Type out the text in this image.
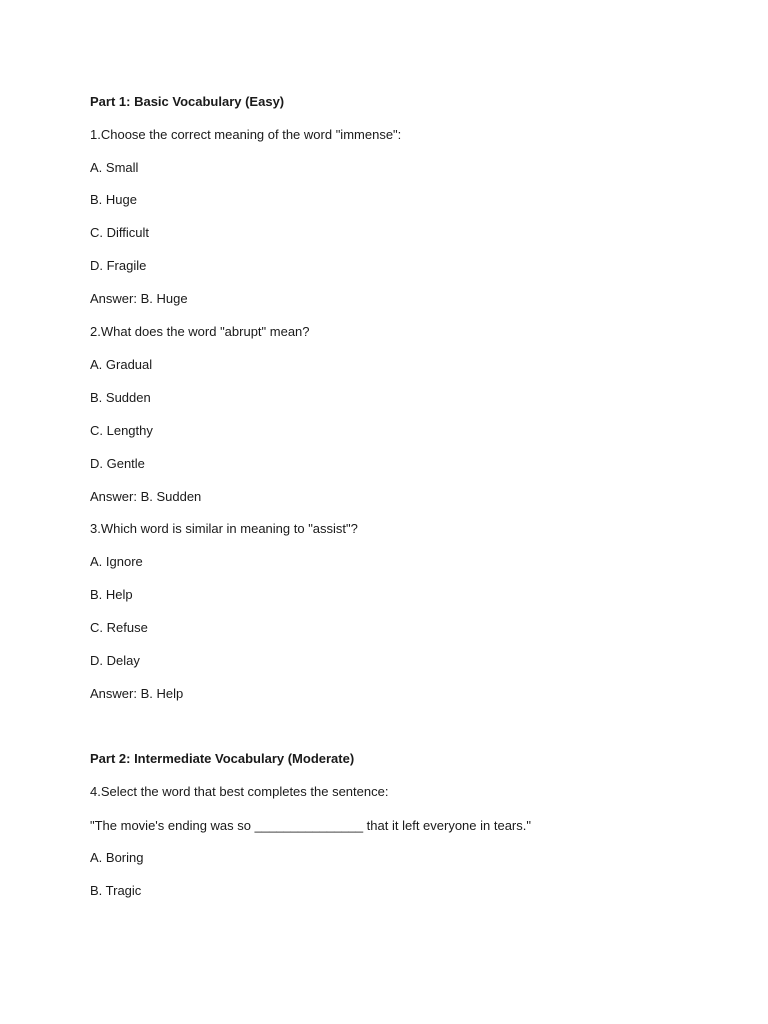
Part 1: Basic Vocabulary (Easy)
1.Choose the correct meaning of the word "immense":
A. Small
B. Huge
C. Difficult
D. Fragile
Answer: B. Huge
2.What does the word "abrupt" mean?
A. Gradual
B. Sudden
C. Lengthy
D. Gentle
Answer: B. Sudden
3.Which word is similar in meaning to "assist"?
A. Ignore
B. Help
C. Refuse
D. Delay
Answer: B. Help
Part 2: Intermediate Vocabulary (Moderate)
4.Select the word that best completes the sentence:
"The movie's ending was so _______________ that it left everyone in tears."
A. Boring
B. Tragic
